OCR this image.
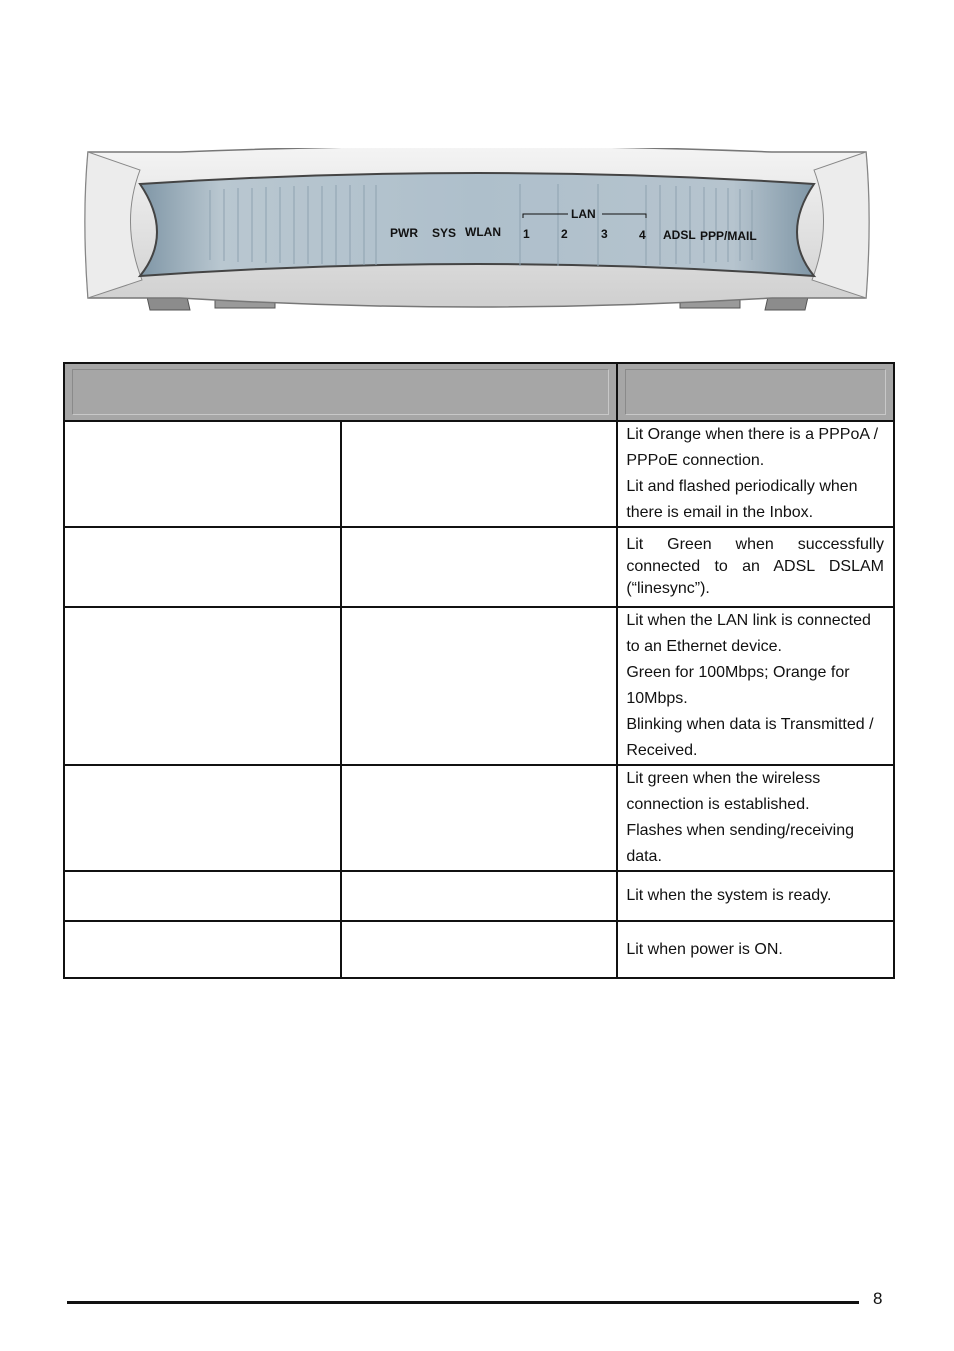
PWR SYS WLAN
LAN
1	2	3	4 ADSL PPP/MAIL

		Lit Orange when there is a PPPoA / PPPoE connection.
Lit and flashed periodically when there is email in the Inbox.

		Lit Green when successfully connected to an ADSL DSLAM (“linesync”).

		Lit when the LAN link is connected to an Ethernet device.
Green for 100Mbps; Orange for 10Mbps.
Blinking when data is Transmitted / Received.

		Lit green when the wireless connection is established.
Flashes when sending/receiving data.

		Lit when the system is ready.

		Lit when power is ON.
8
